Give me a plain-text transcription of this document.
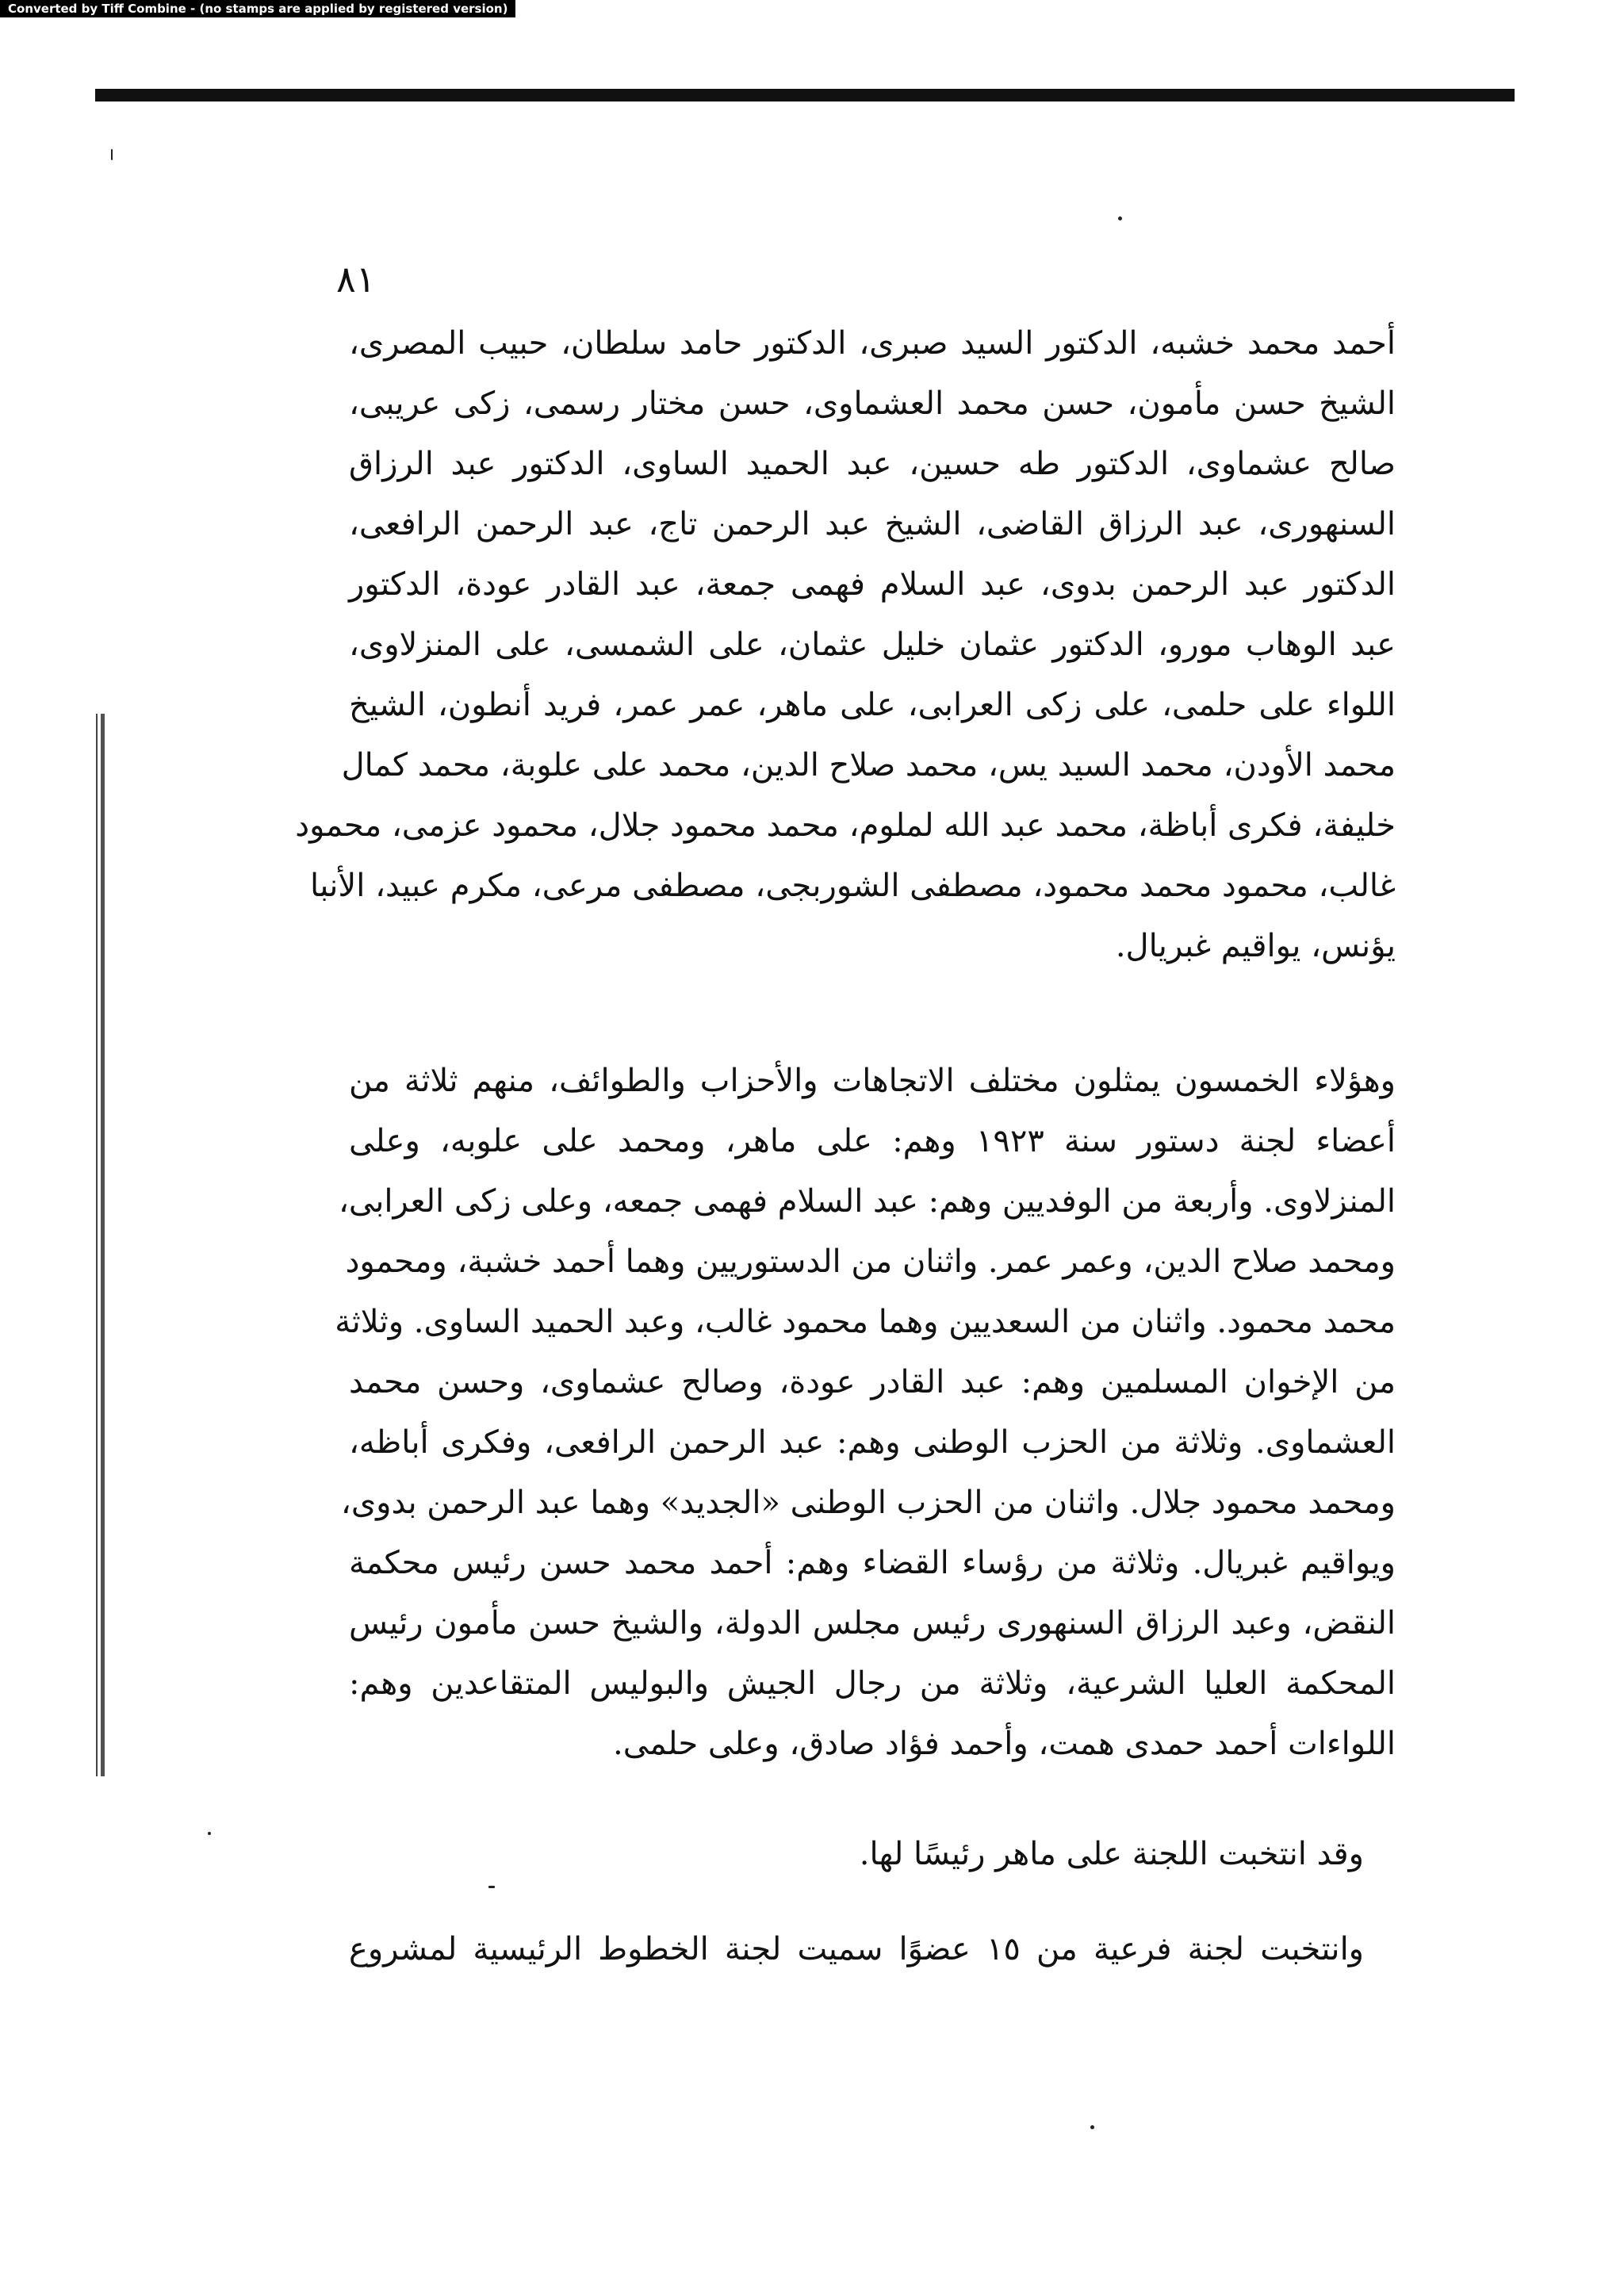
Converted by Tiff Combine - (no stamps are applied by registered version)
٨١
أحمد محمد خشبه، الدكتور السيد صبرى، الدكتور حامد سلطان، حبيب المصرى،
الشيخ حسن مأمون، حسن محمد العشماوى، حسن مختار رسمى، زكى عريبى،
صالح عشماوى، الدكتور طه حسين، عبد الحميد الساوى، الدكتور عبد الرزاق
السنهورى، عبد الرزاق القاضى، الشيخ عبد الرحمن تاج، عبد الرحمن الرافعى،
الدكتور عبد الرحمن بدوى، عبد السلام فهمى جمعة، عبد القادر عودة، الدكتور
عبد الوهاب مورو، الدكتور عثمان خليل عثمان، على الشمسى، على المنزلاوى،
اللواء على حلمى، على زكى العرابى، على ماهر، عمر عمر، فريد أنطون، الشيخ
محمد الأودن، محمد السيد يس، محمد صلاح الدين، محمد على علوبة، محمد كمال
خليفة، فكرى أباظة، محمد عبد الله لملوم، محمد محمود جلال، محمود عزمى، محمود
غالب، محمود محمد محمود، مصطفى الشوربجى، مصطفى مرعى، مكرم عبيد، الأنبا
يؤنس، يواقيم غبريال.
وهؤلاء الخمسون يمثلون مختلف الاتجاهات والأحزاب والطوائف، منهم ثلاثة من
أعضاء لجنة دستور سنة ١٩٢٣ وهم: على ماهر، ومحمد على علوبه، وعلى
المنزلاوى. وأربعة من الوفديين وهم: عبد السلام فهمى جمعه، وعلى زكى العرابى،
ومحمد صلاح الدين، وعمر عمر. واثنان من الدستوريين وهما أحمد خشبة، ومحمود
محمد محمود. واثنان من السعديين وهما محمود غالب، وعبد الحميد الساوى. وثلاثة
من الإخوان المسلمين وهم: عبد القادر عودة، وصالح عشماوى، وحسن محمد
العشماوى. وثلاثة من الحزب الوطنى وهم: عبد الرحمن الرافعى، وفكرى أباظه،
ومحمد محمود جلال. واثنان من الحزب الوطنى «الجديد» وهما عبد الرحمن بدوى،
ويواقيم غبريال. وثلاثة من رؤساء القضاء وهم: أحمد محمد حسن رئيس محكمة
النقض، وعبد الرزاق السنهورى رئيس مجلس الدولة، والشيخ حسن مأمون رئيس
المحكمة العليا الشرعية، وثلاثة من رجال الجيش والبوليس المتقاعدين وهم:
اللواءات أحمد حمدى همت، وأحمد فؤاد صادق، وعلى حلمى.
وقد انتخبت اللجنة على ماهر رئيسًا لها.
وانتخبت لجنة فرعية من ١٥ عضوًا سميت لجنة الخطوط الرئيسية لمشروع
